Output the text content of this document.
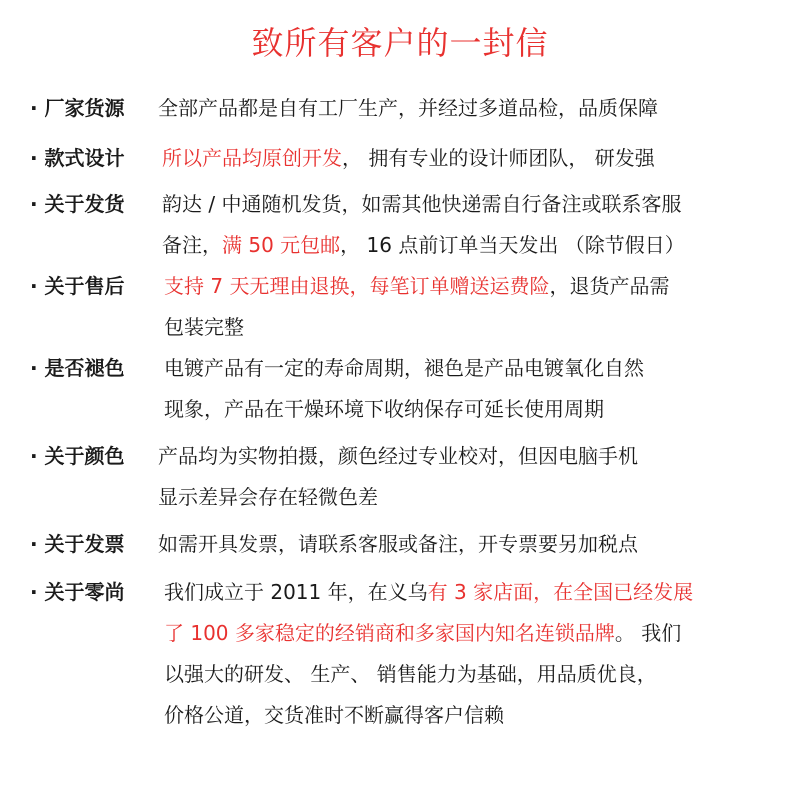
致所有客户的一封信
· 厂家货源 全部产品都是自有工厂生产，并经过多道品检，品质保障
· 款式设计 所以产品均原创开发， 拥有专业的设计师团队， 研发强
· 关于发货 韵达 / 中通随机发货，如需其他快递需自行备注或联系客服
备注，满 50 元包邮， 16 点前订单当天发出 （除节假日）
· 关于售后 支持 7 天无理由退换，每笔订单赠送运费险，退货产品需
包装完整
· 是否褪色 电镀产品有一定的寿命周期，褪色是产品电镀氧化自然
现象，产品在干燥环境下收纳保存可延长使用周期
· 关于颜色 产品均为实物拍摄，颜色经过专业校对，但因电脑手机
显示差异会存在轻微色差
· 关于发票 如需开具发票，请联系客服或备注，开专票要另加税点
· 关于零尚 我们成立于 2011 年，在义乌有 3 家店面，在全国已经发展
了 100 多家稳定的经销商和多家国内知名连锁品牌。 我们
以强大的研发、 生产、 销售能力为基础，用品质优良，
价格公道，交货准时不断赢得客户信赖
